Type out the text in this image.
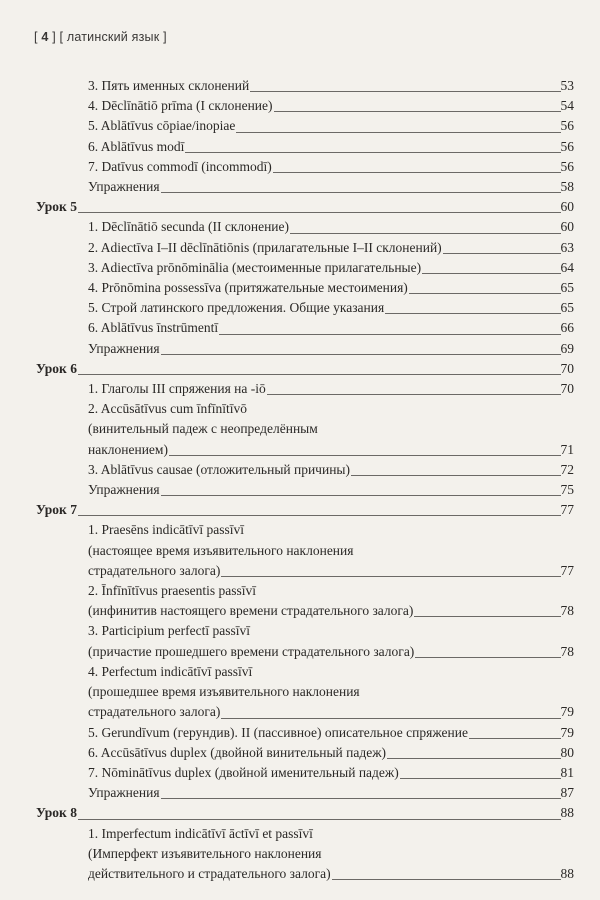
[ 4 ] [ латинский язык ]
3. Пять именных склонений	53
4. Dēclīnātiō prīma (I склонение)	54
5. Ablātīvus cōpiae/inopiae	56
6. Ablātīvus modī	56
7. Datīvus commodī (incommodī)	56
Упражнения	58
Урок 5	60
1. Dēclīnātiō secunda (II склонение)	60
2. Adiectīva I–II dēclīnātiōnis (прилагательные I–II склонений)	63
3. Adiectīva prōnōminālia (местоименные прилагательные)	64
4. Prōnōmina possessīva (притяжательные местоимения)	65
5. Строй латинского предложения. Общие указания	65
6. Ablātīvus īnstrūmentī	66
Упражнения	69
Урок 6	70
1. Глаголы III спряжения на -iō	70
2. Accūsātīvus cum īnfīnītīvō
(винительный падеж с неопределённым
наклонением)	71
3. Ablātīvus causae (отложительный причины)	72
Упражнения	75
Урок 7	77
1. Praesēns indicātīvī passīvī
(настоящее время изъявительного наклонения
страдательного залога)	77
2. Īnfīnītīvus praesentis passīvī
(инфинитив настоящего времени страдательного залога)	78
3. Participium perfectī passīvī
(причастие прошедшего времени страдательного залога)	78
4. Perfectum indicātīvī passīvī
(прошедшее время изъявительного наклонения
страдательного залога)	79
5. Gerundīvum (герундив). II (пассивное) описательное спряжение	79
6. Accūsātīvus duplex (двойной винительный падеж)	80
7. Nōminātīvus duplex (двойной именительный падеж)	81
Упражнения	87
Урок 8	88
1. Imperfectum indicātīvī āctīvī et passīvī
(Имперфект изъявительного наклонения
действительного и страдательного залога)	88
